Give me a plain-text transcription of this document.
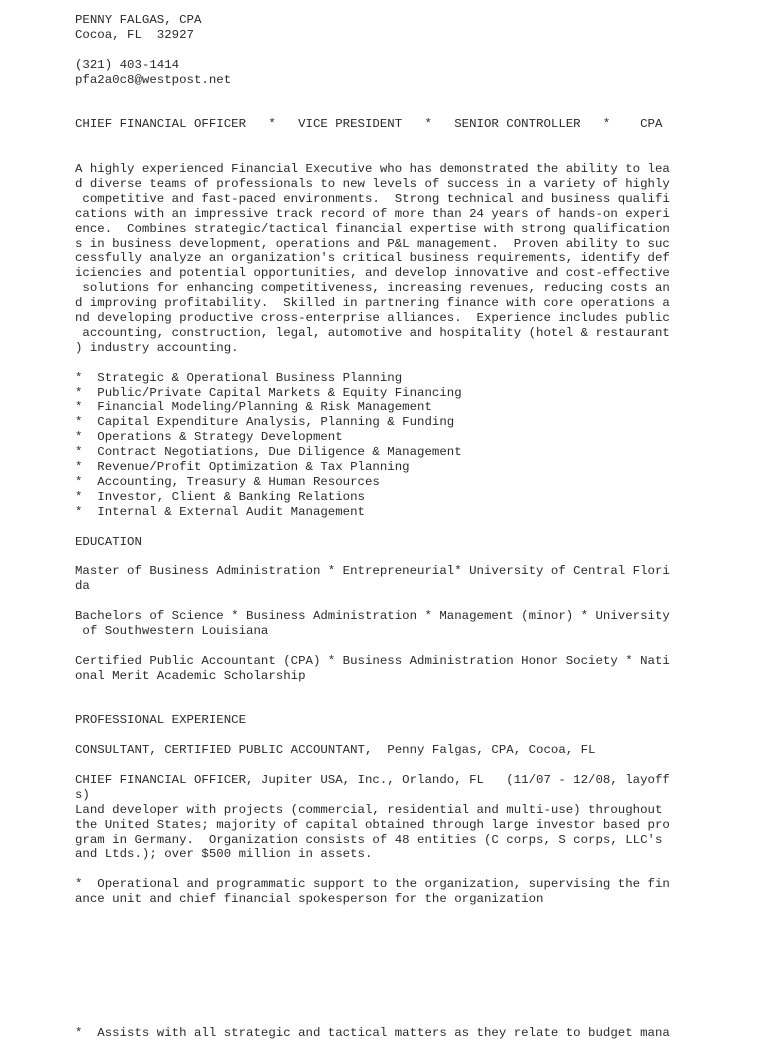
PENNY FALGAS, CPA
Cocoa, FL  32927
(321) 403-1414
pfa2a0c8@westpost.net
CHIEF FINANCIAL OFFICER   *   VICE PRESIDENT   *   SENIOR CONTROLLER   *    CPA
A highly experienced Financial Executive who has demonstrated the ability to lea
d diverse teams of professionals to new levels of success in a variety of highly
competitive and fast-paced environments.  Strong technical and business qualifi
cations with an impressive track record of more than 24 years of hands-on experi
ence.  Combines strategic/tactical financial expertise with strong qualification
s in business development, operations and P&L management.  Proven ability to suc
cessfully analyze an organization's critical business requirements, identify def
iciencies and potential opportunities, and develop innovative and cost-effective
solutions for enhancing competitiveness, increasing revenues, reducing costs an
d improving profitability.  Skilled in partnering finance with core operations a
nd developing productive cross-enterprise alliances.  Experience includes public
accounting, construction, legal, automotive and hospitality (hotel & restaurant
) industry accounting.
*  Strategic & Operational Business Planning
*  Public/Private Capital Markets & Equity Financing
*  Financial Modeling/Planning & Risk Management
*  Capital Expenditure Analysis, Planning & Funding
*  Operations & Strategy Development
*  Contract Negotiations, Due Diligence & Management
*  Revenue/Profit Optimization & Tax Planning
*  Accounting, Treasury & Human Resources
*  Investor, Client & Banking Relations
*  Internal & External Audit Management
EDUCATION
Master of Business Administration * Entrepreneurial* University of Central Flori
da
Bachelors of Science * Business Administration * Management (minor) * University
of Southwestern Louisiana
Certified Public Accountant (CPA) * Business Administration Honor Society * Nati
onal Merit Academic Scholarship
PROFESSIONAL EXPERIENCE
CONSULTANT, CERTIFIED PUBLIC ACCOUNTANT,  Penny Falgas, CPA, Cocoa, FL
CHIEF FINANCIAL OFFICER, Jupiter USA, Inc., Orlando, FL   (11/07 - 12/08, layoff
s)
Land developer with projects (commercial, residential and multi-use) throughout
the United States; majority of capital obtained through large investor based pro
gram in Germany.  Organization consists of 48 entities (C corps, S corps, LLC's
and Ltds.); over $500 million in assets.
*  Operational and programmatic support to the organization, supervising the fin
ance unit and chief financial spokesperson for the organization
*  Assists with all strategic and tactical matters as they relate to budget mana
